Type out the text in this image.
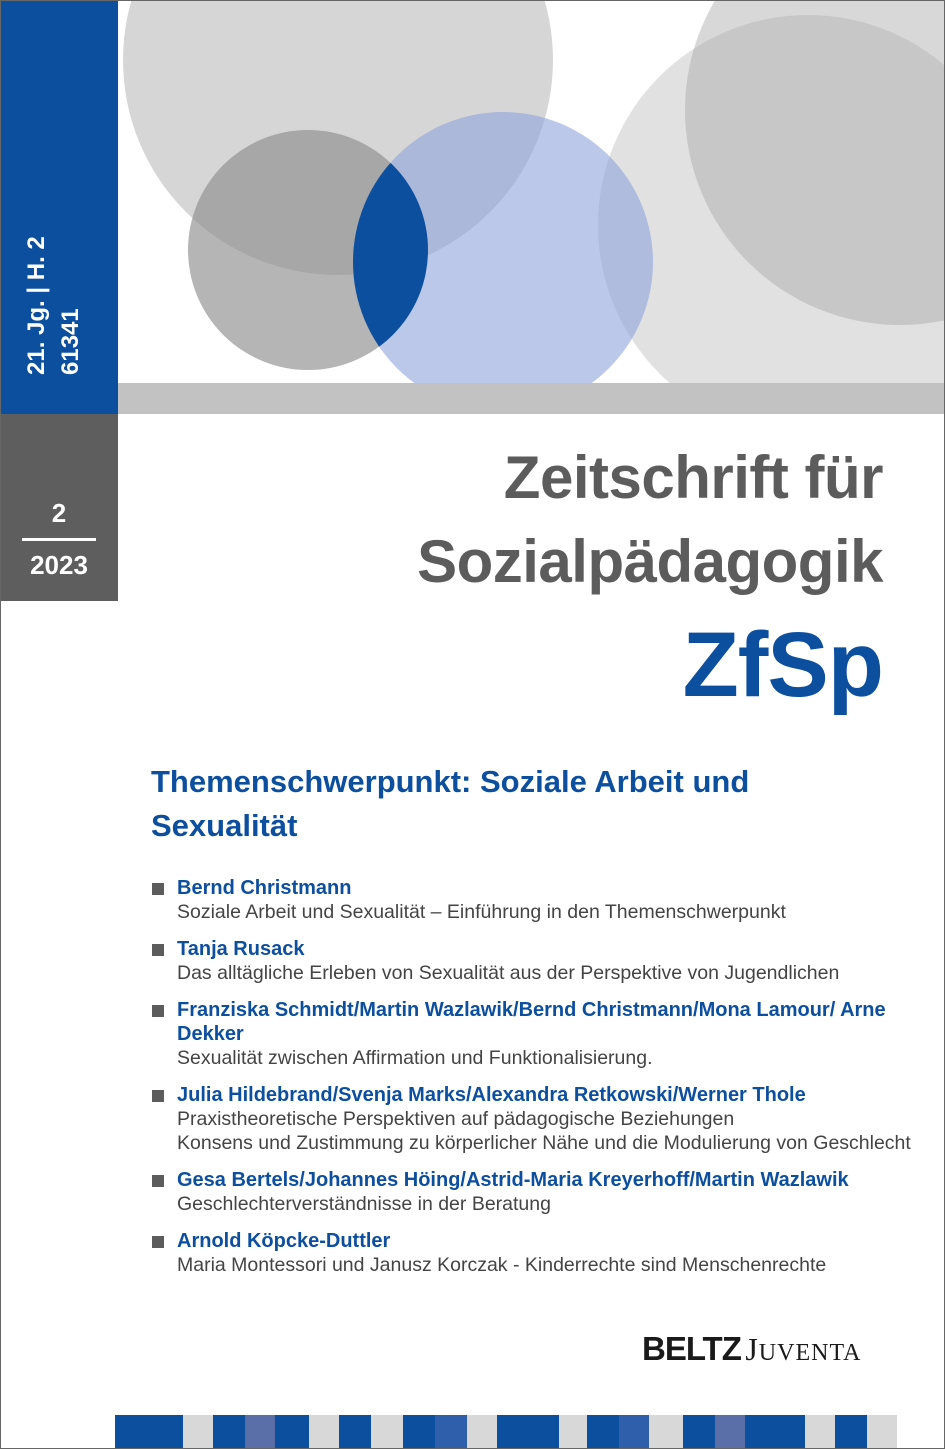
21. Jg. | H. 2 61341
2
2023
Zeitschrift für
Sozialpädagogik
ZfSp
Themenschwerpunkt: Soziale Arbeit und Sexualität
Bernd Christmann
Soziale Arbeit und Sexualität – Einführung in den Themenschwerpunkt
Tanja Rusack
Das alltägliche Erleben von Sexualität aus der Perspektive von Jugendlichen
Franziska Schmidt/Martin Wazlawik/Bernd Christmann/Mona Lamour/ Arne Dekker
Sexualität zwischen Affirmation und Funktionalisierung.
Julia Hildebrand/Svenja Marks/Alexandra Retkowski/Werner Thole
Praxistheoretische Perspektiven auf pädagogische Beziehungen
Konsens und Zustimmung zu körperlicher Nähe und die Modulierung von Geschlecht
Gesa Bertels/Johannes Höing/Astrid-Maria Kreyerhoff/Martin Wazlawik
Geschlechterverständnisse in der Beratung
Arnold Köpcke-Duttler
Maria Montessori und Janusz Korczak - Kinderrechte sind Menschenrechte
BELTZ JUVENTA
